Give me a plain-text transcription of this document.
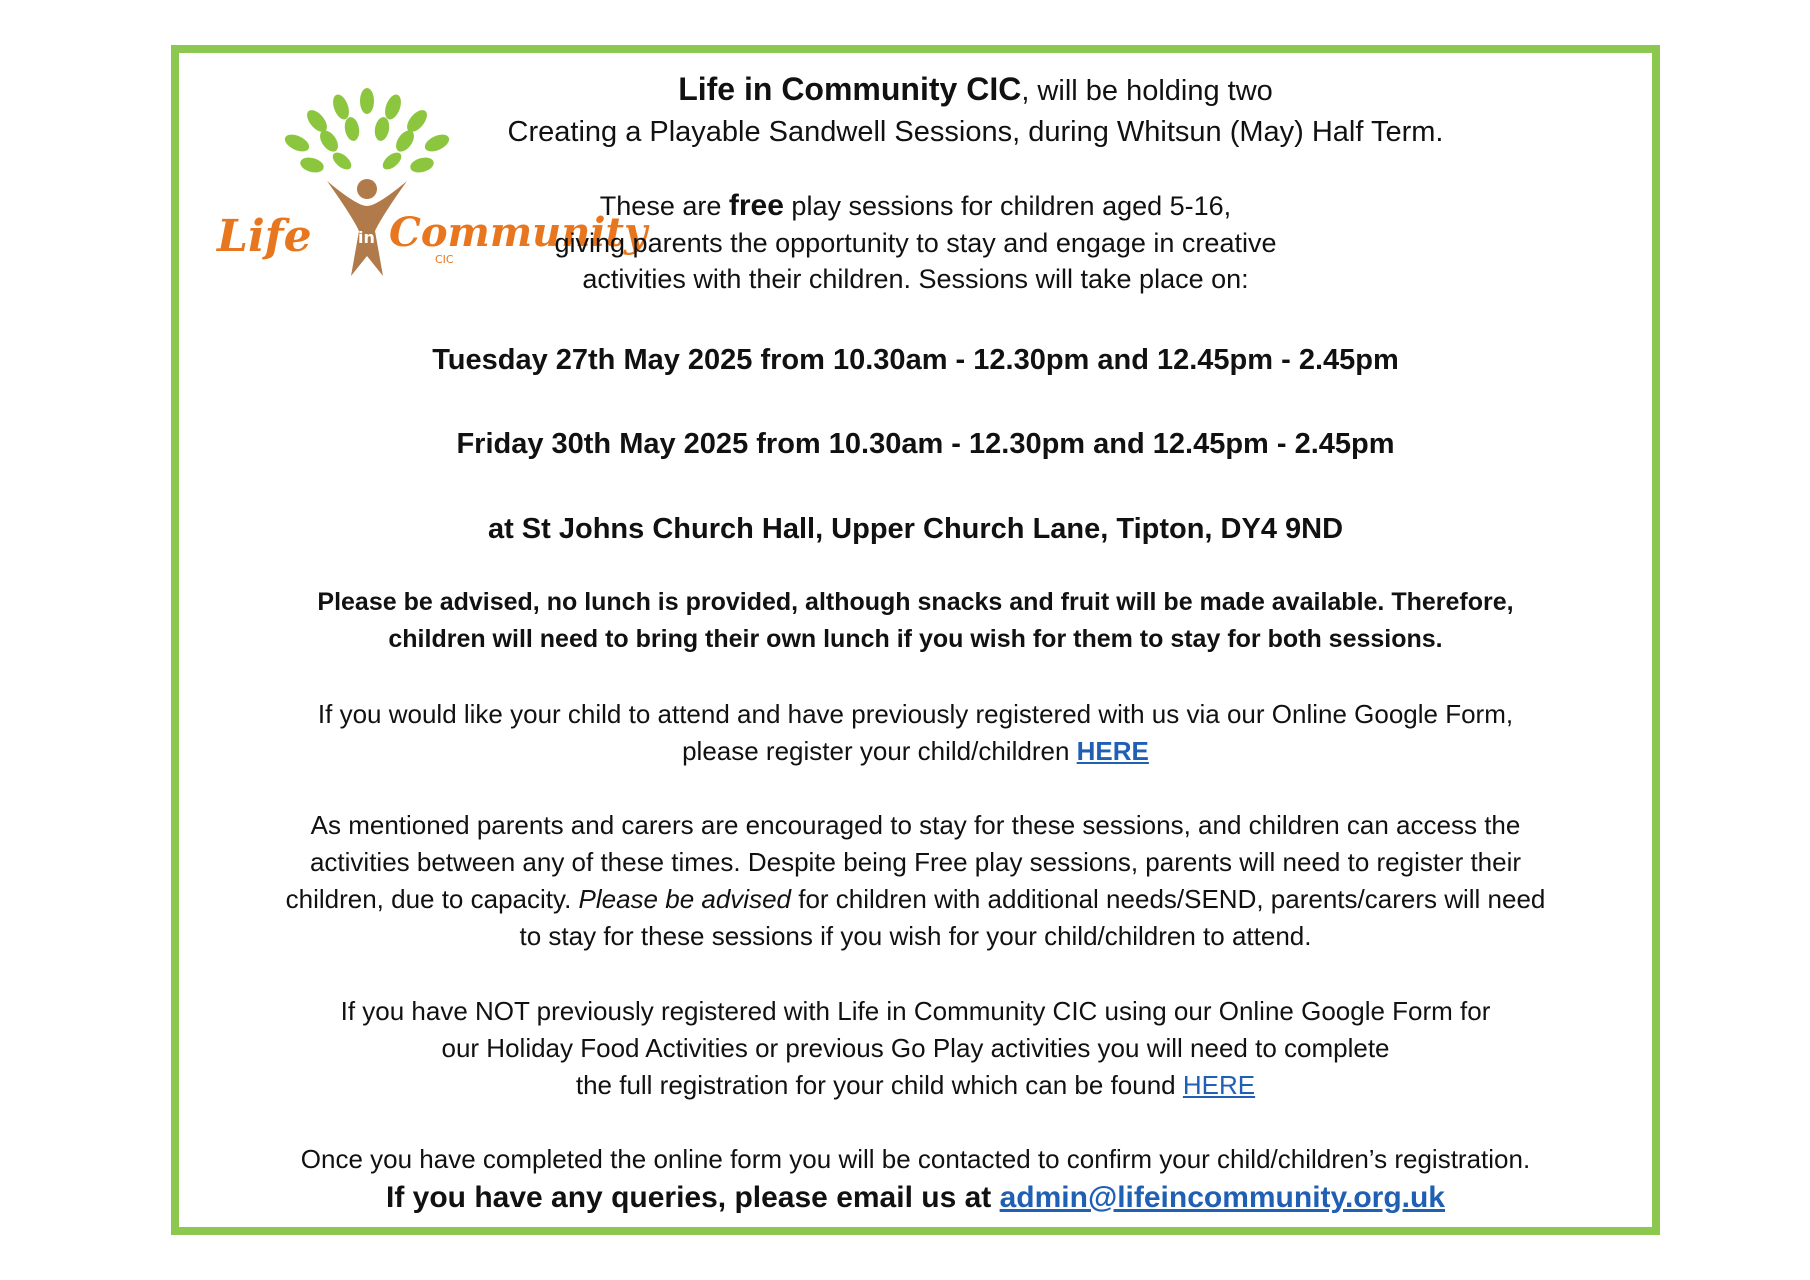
Life	in Community
CIC
Life in Community CIC, will be holding two
Creating a Playable Sandwell Sessions, during Whitsun (May) Half Term.
These are free play sessions for children aged 5-16,
giving parents the opportunity to stay and engage in creative
activities with their children. Sessions will take place on:
Tuesday 27th May 2025 from 10.30am - 12.30pm and 12.45pm - 2.45pm
Friday 30th May 2025 from 10.30am - 12.30pm and 12.45pm - 2.45pm
at St Johns Church Hall, Upper Church Lane, Tipton, DY4 9ND
Please be advised, no lunch is provided, although snacks and fruit will be made available. Therefore,
children will need to bring their own lunch if you wish for them to stay for both sessions.
If you would like your child to attend and have previously registered with us via our Online Google Form,
please register your child/children HERE
As mentioned parents and carers are encouraged to stay for these sessions, and children can access the
activities between any of these times. Despite being Free play sessions, parents will need to register their
children, due to capacity. Please be advised for children with additional needs/SEND, parents/carers will need
to stay for these sessions if you wish for your child/children to attend.
If you have NOT previously registered with Life in Community CIC using our Online Google Form for
our Holiday Food Activities or previous Go Play activities you will need to complete
the full registration for your child which can be found HERE
Once you have completed the online form you will be contacted to confirm your child/children’s registration.
If you have any queries, please email us at admin@lifeincommunity.org.uk
